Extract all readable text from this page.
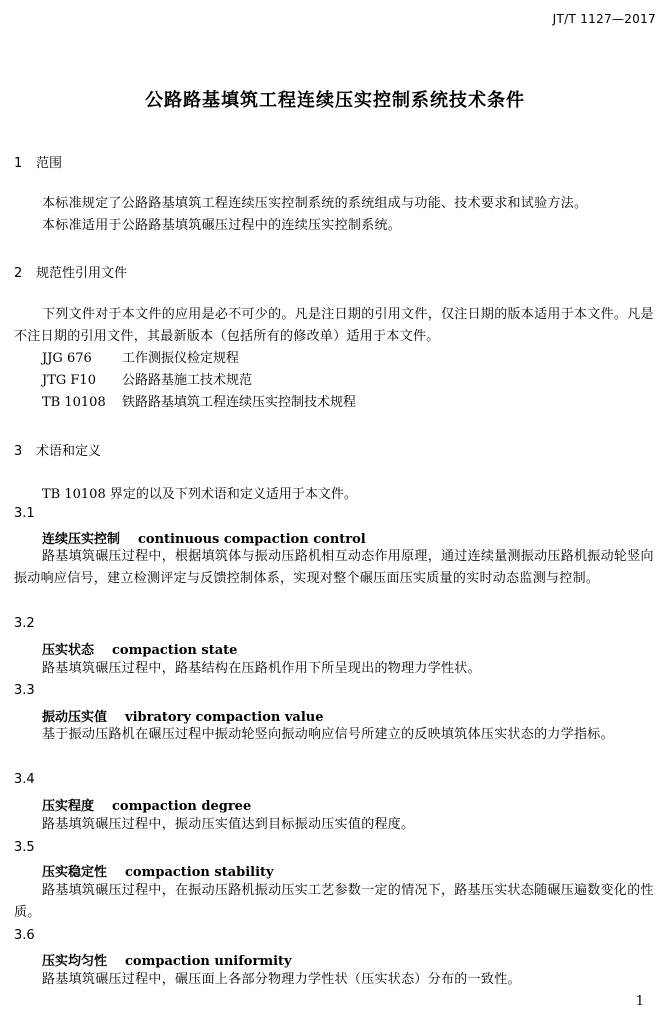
JT/T 1127—2017
公路路基填筑工程连续压实控制系统技术条件
1 范围
本标准规定了公路路基填筑工程连续压实控制系统的系统组成与功能、技术要求和试验方法。
本标准适用于公路路基填筑碾压过程中的连续压实控制系统。
2 规范性引用文件
下列文件对于本文件的应用是必不可少的。凡是注日期的引用文件，仅注日期的版本适用于本文件。凡是不注日期的引用文件，其最新版本（包括所有的修改单）适用于本文件。
JJG 676 工作测振仪检定规程
JTG F10 公路路基施工技术规范
TB 10108 铁路路基填筑工程连续压实控制技术规程
3 术语和定义
TB 10108 界定的以及下列术语和定义适用于本文件。
3.1
连续压实控制 continuous compaction control
路基填筑碾压过程中，根据填筑体与振动压路机相互动态作用原理，通过连续量测振动压路机振动轮竖向振动响应信号，建立检测评定与反馈控制体系，实现对整个碾压面压实质量的实时动态监测与控制。
3.2
压实状态 compaction state
路基填筑碾压过程中，路基结构在压路机作用下所呈现出的物理力学性状。
3.3
振动压实值 vibratory compaction value
基于振动压路机在碾压过程中振动轮竖向振动响应信号所建立的反映填筑体压实状态的力学指标。
3.4
压实程度 compaction degree
路基填筑碾压过程中，振动压实值达到目标振动压实值的程度。
3.5
压实稳定性 compaction stability
路基填筑碾压过程中，在振动压路机振动压实工艺参数一定的情况下，路基压实状态随碾压遍数变化的性质。
3.6
压实均匀性 compaction uniformity
路基填筑碾压过程中，碾压面上各部分物理力学性状（压实状态）分布的一致性。
1
